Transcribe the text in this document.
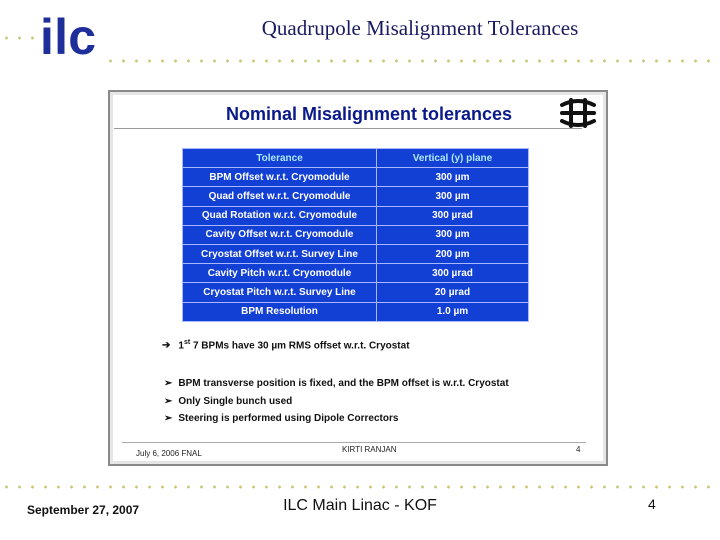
ilc	Quadrupole Misalignment Tolerances
Nominal Misalignment tolerances
Tolerance	Vertical (y) plane
BPM Offset w.r.t. Cryomodule	300 µm
Quad offset w.r.t. Cryomodule	300 µm
Quad Rotation w.r.t. Cryomodule	300 µrad
Cavity Offset w.r.t. Cryomodule	300 µm
Cryostat Offset w.r.t. Survey Line	200 µm
Cavity Pitch w.r.t. Cryomodule	300 µrad
Cryostat Pitch w.r.t. Survey Line	20 µrad
BPM Resolution	1.0 µm
➔ 1st 7 BPMs have 30 µm RMS offset w.r.t. Cryostat
➢ BPM transverse position is fixed, and the BPM offset is w.r.t. Cryostat
➢ Only Single bunch used
➢ Steering is performed using Dipole Correctors
July 6, 2006 FNAL	KIRTI RANJAN	4
September 27, 2007	ILC Main Linac - KOF	4
